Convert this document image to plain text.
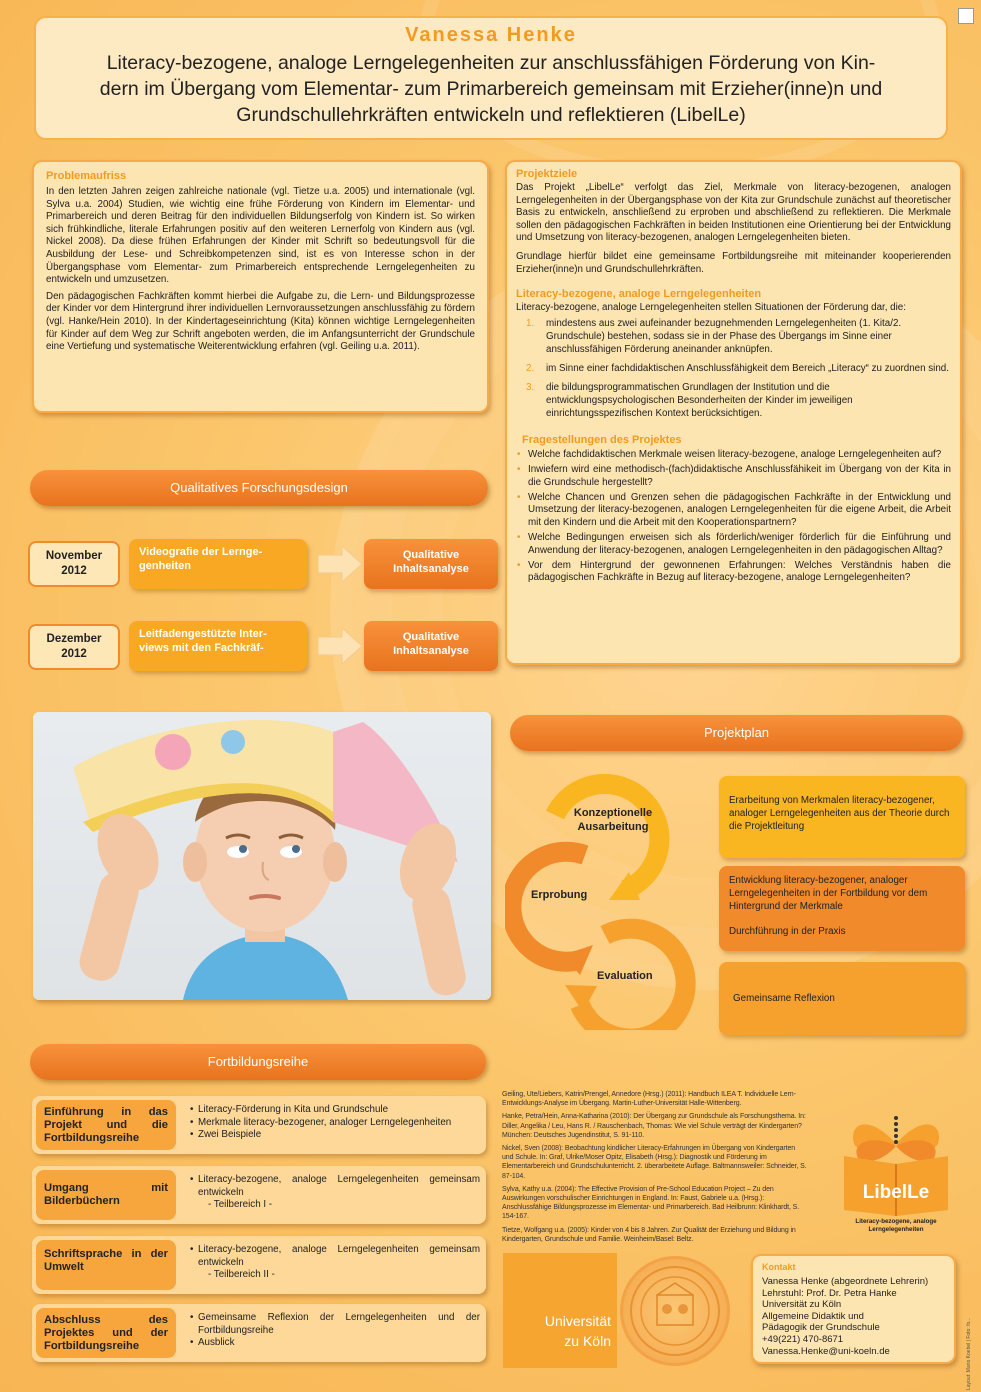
Vanessa Henke
Literacy-bezogene, analoge Lerngelegenheiten zur anschlussfähigen Förderung von Kin-
dern im Übergang vom Elementar- zum Primarbereich gemeinsam mit Erzieher(inne)n und
Grundschullehrkräften entwickeln und reflektieren (LibelLe)
Problemaufriss

In den letzten Jahren zeigen zahlreiche nationale (vgl. Tietze u.a. 2005) und internationale (vgl. Sylva u.a. 2004) Studien, wie wichtig eine frühe Förderung von Kindern im Elementar- und Primarbereich und deren Beitrag für den individuellen Bildungserfolg von Kindern ist. So wirken sich frühkindliche, literale Erfahrungen positiv auf den weiteren Lernerfolg von Kindern aus (vgl. Nickel 2008). Da diese frühen Erfahrungen der Kinder mit Schrift so bedeutungsvoll für die Ausbildung der Lese- und Schreibkompetenzen sind, ist es von Interesse schon in der Übergangsphase vom Elementar- zum Primarbereich entsprechende Lerngelegenheiten zu entwickeln und umzusetzen.

Den pädagogischen Fachkräften kommt hierbei die Aufgabe zu, die Lern- und Bildungsprozesse der Kinder vor dem Hintergrund ihrer individuellen Lernvoraussetzungen anschlussfähig zu fördern (vgl. Hanke/Hein 2010). In der Kindertageseinrichtung (Kita) können wichtige Lerngelegenheiten für Kinder auf dem Weg zur Schrift angeboten werden, die im Anfangsunterricht der Grundschule eine Vertiefung und systematische Weiterentwicklung erfahren (vgl. Geiling u.a. 2011).

Projektziele

Das Projekt „LibelLe“ verfolgt das Ziel, Merkmale von literacy-bezogenen, analogen Lerngelegenheiten in der Übergangsphase von der Kita zur Grundschule zunächst auf theoretischer Basis zu entwickeln, anschließend zu erproben und abschließend zu reflektieren. Die Merkmale sollen den pädagogischen Fachkräften in beiden Institutionen eine Orientierung bei der Entwicklung und Umsetzung von literacy-bezogenen, analogen Lerngelegenheiten bieten.

Grundlage hierfür bildet eine gemeinsame Fortbildungsreihe mit miteinander kooperierenden Erzieher(inne)n und Grundschullehrkräften.

Literacy-bezogene, analoge Lerngelegenheiten

Literacy-bezogene, analoge Lerngelegenheiten stellen Situationen der Förderung dar, die:

1. mindestens aus zwei aufeinander bezugnehmenden Lerngelegenheiten (1. Kita/2. Grundschule) bestehen, sodass sie in der Phase des Übergangs im Sinne einer anschlussfähigen Förderung aneinander anknüpfen.
2. im Sinne einer fachdidaktischen Anschlussfähigkeit dem Bereich „Literacy“ zu zuordnen sind.
3. die bildungsprogrammatischen Grundlagen der Institution und die entwicklungspsychologischen Besonderheiten der Kinder im jeweiligen einrichtungsspezifischen Kontext berücksichtigen.
Fragestellungen des Projektes
• Welche fachdidaktischen Merkmale weisen literacy-bezogene, analoge Lerngelegenheiten auf?
• Inwiefern wird eine methodisch-(fach)didaktische Anschlussfähikeit im Übergang von der Kita in die Grundschule hergestellt?
• Welche Chancen und Grenzen sehen die pädagogischen Fachkräfte in der Entwicklung und Umsetzung der literacy-bezogenen, analogen Lerngelegenheiten für die eigene Arbeit, die Arbeit mit den Kindern und die Arbeit mit den Kooperationspartnern?
• Welche Bedingungen erweisen sich als förderlich/weniger förderlich für die Einführung und Anwendung der literacy-bezogenen, analogen Lerngelegenheiten in den pädagogischen Alltag?
• Vor dem Hintergrund der gewonnenen Erfahrungen: Welches Verständnis haben die pädagogischen Fachkräfte in Bezug auf literacy-bezogene, analoge Lerngelegenheiten?
Qualitatives Forschungsdesign
November
2012
Videografie der Lernge-
genheiten
Qualitative
Inhaltsanalyse
Dezember
2012
Leitfadengestützte Inter-
views mit den Fachkräf-
Qualitative
Inhaltsanalyse
Projektplan
Konzeptionelle
Ausarbeitung
Erprobung
Evaluation
Erarbeitung von Merkmalen literacy-bezogener, analoger Lerngelegenheiten aus der Theorie durch die Projektleitung
Entwicklung literacy-bezogener, analoger Lerngelegenheiten in der Fortbildung vor dem Hintergrund der Merkmale
Durchführung in der Praxis
Gemeinsame Reflexion
Fortbildungsreihe
Einführung in das Projekt und die Fortbildungsreihe
• Literacy-Förderung in Kita und Grundschule
• Merkmale literacy-bezogener, analoger Lerngelegenheiten
• Zwei Beispiele
Umgang mit Bilderbüchern
• Literacy-bezogene, analoge Lerngelegenheiten gemeinsam entwickeln
- Teilbereich I -
Schriftsprache in der Umwelt
• Literacy-bezogene, analoge Lerngelegenheiten gemeinsam entwickeln
- Teilbereich II -
Abschluss des Projektes und der Fortbildungsreihe
• Gemeinsame Reflexion der Lerngelegenheiten und der Fortbildungsreihe
• Ausblick

Geiling, Ute/Liebers, Katrin/Prengel, Annedore (Hrsg.) (2011): Handbuch ILEA T. Individuelle Lern-Entwicklungs-Analyse im Übergang. Martin-Luther-Universität Halle-Wittenberg.

Hanke, Petra/Hein, Anna-Katharina (2010): Der Übergang zur Grundschule als Forschungsthema. In: Diller, Angelika / Leu, Hans R. / Rauschenbach, Thomas: Wie viel Schule verträgt der Kindergarten? München: Deutsches Jugendinstitut, S. 91-110.

Nickel, Sven (2008): Beobachtung kindlicher Literacy-Erfahrungen im Übergang von Kindergarten und Schule. In: Graf, Ulrike/Moser Opitz, Elisabeth (Hrsg.): Diagnostik und Förderung im Elementarbereich und Grundschulunterricht. 2. überarbeitete Auflage. Baltmannsweiler: Schneider, S. 87-104.

Sylva, Kathy u.a. (2004): The Effective Provision of Pre-School Education Project – Zu den Auswirkungen vorschulischer Einrichtungen in England. In: Faust, Gabriele u.a. (Hrsg.): Anschlussfähige Bildungsprozesse im Elementar- und Primarbereich. Bad Heilbrunn: Klinkhardt, S. 154-167.

Tietze, Wolfgang u.a. (2005): Kinder von 4 bis 8 Jahren. Zur Qualität der Erziehung und Bildung in Kindergarten, Grundschule und Familie. Weinheim/Basel: Beltz.

LibelLe
Literacy-bezogene, analoge
Lerngelegenheiten
Universität
zu Köln
Kontakt
Vanessa Henke (abgeordnete Lehrerin)
Lehrstuhl: Prof. Dr. Petra Hanke
Universität zu Köln
Allgemeine Didaktik und
Pädagogik der Grundschule
+49(221) 470-8671
Vanessa.Henke@uni-koeln.de	Layout: Mario Koebel | Foto: fo...
